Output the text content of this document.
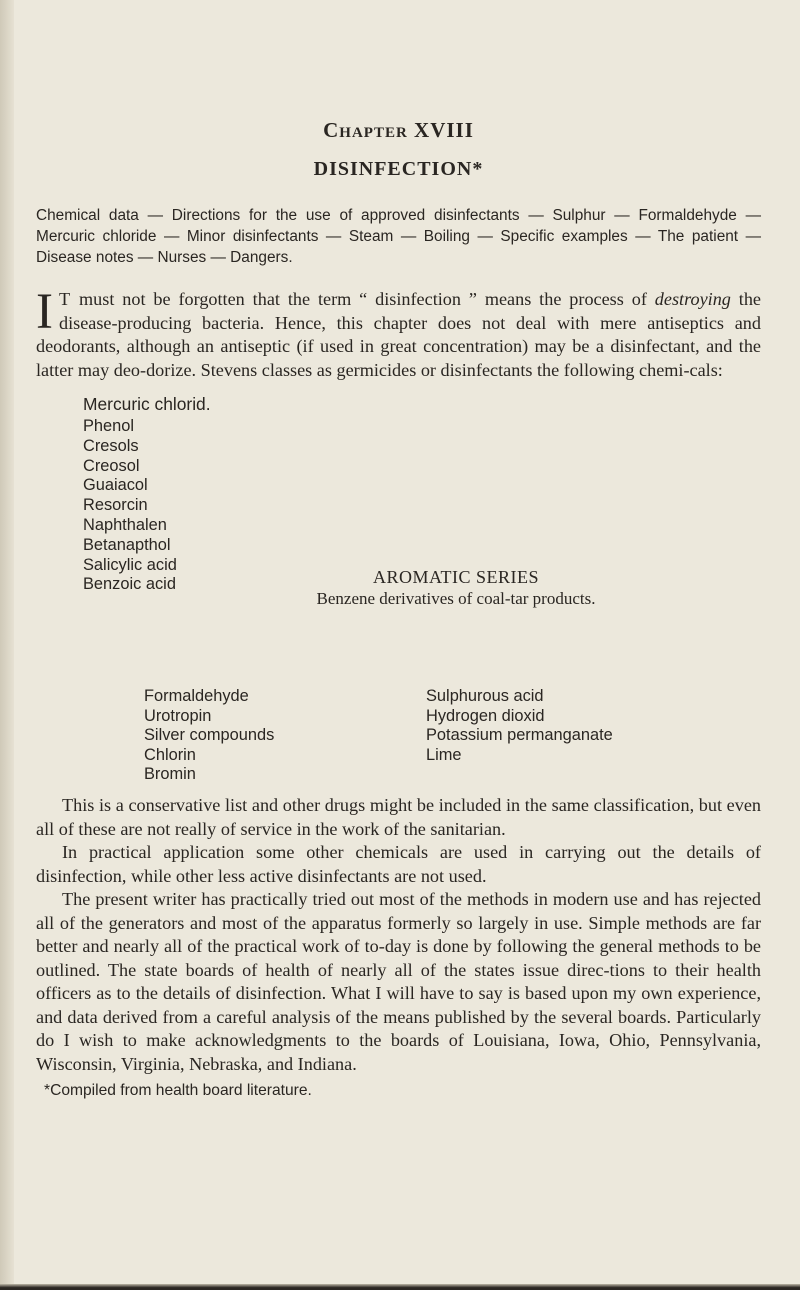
Chapter XVIII
DISINFECTION*

Chemical data — Directions for the use of approved disinfectants — Sulphur — Formaldehyde — Mercuric chloride — Minor disinfectants — Steam — Boiling — Specific examples — The patient — Disease notes — Nurses — Dangers.

I T must not be forgotten that the term “ disinfection ” means the process of destroying the disease-producing bacteria. Hence, this chapter does not deal with mere antiseptics and deodorants, although an antiseptic (if used in great concentration) may be a disinfectant, and the latter may deo-dorize. Stevens classes as germicides or disinfectants the following chemi-cals:

Mercuric chlorid.
Phenol
Cresols
Creosol
Guaiacol
Resorcin
Naphthalen
Betanapthol
Salicylic acid
Benzoic acid	AROMATIC SERIES
Benzene derivatives of coal-tar products.
Formaldehyde
Urotropin
Silver compounds
Chlorin
Bromin
Sulphurous acid
Hydrogen dioxid
Potassium permanganate
Lime

This is a conservative list and other drugs might be included in the same classification, but even all of these are not really of service in the work of the sanitarian.

In practical application some other chemicals are used in carrying out the details of disinfection, while other less active disinfectants are not used.

The present writer has practically tried out most of the methods in modern use and has rejected all of the generators and most of the apparatus formerly so largely in use. Simple methods are far better and nearly all of the practical work of to-day is done by following the general methods to be outlined. The state boards of health of nearly all of the states issue direc-tions to their health officers as to the details of disinfection. What I will have to say is based upon my own experience, and data derived from a careful analysis of the means published by the several boards. Particularly do I wish to make acknowledgments to the boards of Louisiana, Iowa, Ohio, Pennsylvania, Wisconsin, Virginia, Nebraska, and Indiana.

*Compiled from health board literature.
